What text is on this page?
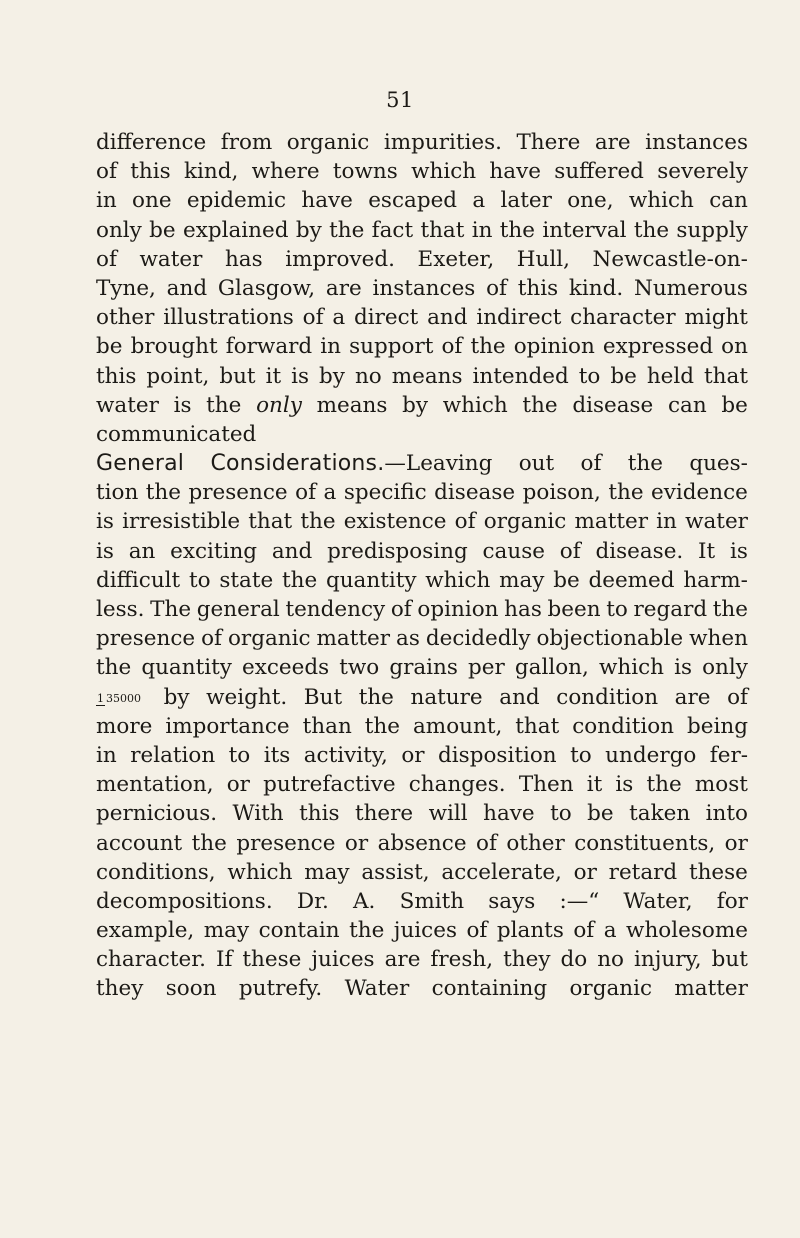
51
difference from organic impurities. There are instances
of this kind, where towns which have suffered severely
in one epidemic have escaped a later one, which can
only be explained by the fact that in the interval the supply
of water has improved. Exeter, Hull, Newcastle-on-
Tyne, and Glasgow, are instances of this kind. Numerous
other illustrations of a direct and indirect character might
be brought forward in support of the opinion expressed on
this point, but it is by no means intended to be held that
water is the only means by which the disease can be
communicated
General Considerations.—Leaving out of the ques-
tion the presence of a specific disease poison, the evidence
is irresistible that the existence of organic matter in water
is an exciting and predisposing cause of disease. It is
difficult to state the quantity which may be deemed harm-
less. The general tendency of opinion has been to regard the
presence of organic matter as decidedly objectionable when
the quantity exceeds two grains per gallon, which is only
1 35000 by weight. But the nature and condition are of
more importance than the amount, that condition being
in relation to its activity, or disposition to undergo fer-
mentation, or putrefactive changes. Then it is the most
pernicious. With this there will have to be taken into
account the presence or absence of other constituents, or
conditions, which may assist, accelerate, or retard these
decompositions. Dr. A. Smith says :—“ Water, for
example, may contain the juices of plants of a wholesome
character. If these juices are fresh, they do no injury, but
they soon putrefy. Water containing organic matter
